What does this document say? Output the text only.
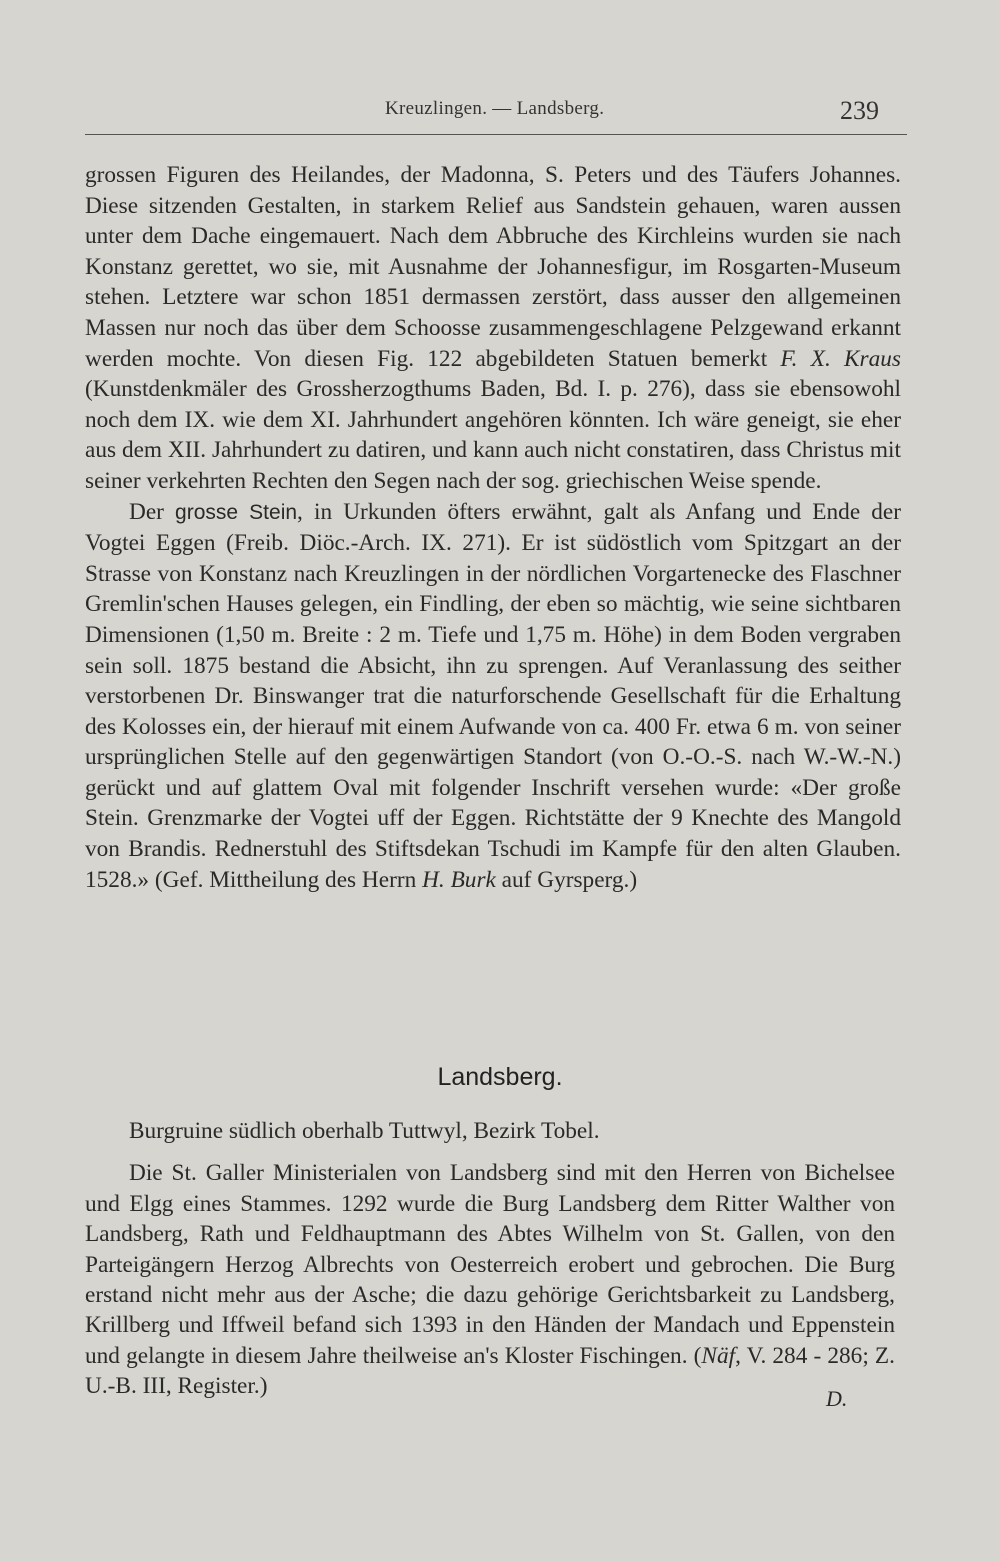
Kreuzlingen. — Landsberg.	239

grossen Figuren des Heilandes, der Madonna, S. Peters und des Täufers Johannes. Diese sitzenden Gestalten, in starkem Relief aus Sandstein gehauen, waren aussen unter dem Dache eingemauert. Nach dem Abbruche des Kirchleins wurden sie nach Konstanz gerettet, wo sie, mit Ausnahme der Johannesfigur, im Rosgarten-Museum stehen. Letztere war schon 1851 dermassen zerstört, dass ausser den allgemeinen Massen nur noch das über dem Schoosse zusammengeschlagene Pelzgewand erkannt werden mochte. Von diesen Fig. 122 abgebildeten Statuen bemerkt F. X. Kraus (Kunstdenkmäler des Grossherzogthums Baden, Bd. I. p. 276), dass sie ebensowohl noch dem IX. wie dem XI. Jahrhundert angehören könnten. Ich wäre geneigt, sie eher aus dem XII. Jahrhundert zu datiren, und kann auch nicht constatiren, dass Christus mit seiner verkehrten Rechten den Segen nach der sog. griechischen Weise spende.

Der grosse Stein, in Urkunden öfters erwähnt, galt als Anfang und Ende der Vogtei Eggen (Freib. Diöc.-Arch. IX. 271). Er ist südöstlich vom Spitzgart an der Strasse von Konstanz nach Kreuzlingen in der nördlichen Vorgartenecke des Flaschner Gremlin'schen Hauses gelegen, ein Findling, der eben so mächtig, wie seine sichtbaren Dimensionen (1,50 m. Breite : 2 m. Tiefe und 1,75 m. Höhe) in dem Boden vergraben sein soll. 1875 bestand die Absicht, ihn zu sprengen. Auf Veranlassung des seither verstorbenen Dr. Binswanger trat die naturforschende Gesellschaft für die Erhaltung des Kolosses ein, der hierauf mit einem Aufwande von ca. 400 Fr. etwa 6 m. von seiner ursprünglichen Stelle auf den gegenwärtigen Standort (von O.-O.-S. nach W.-W.-N.) gerückt und auf glattem Oval mit folgender Inschrift versehen wurde: «Der große Stein. Grenzmarke der Vogtei uff der Eggen. Richtstätte der 9 Knechte des Mangold von Brandis. Rednerstuhl des Stiftsdekan Tschudi im Kampfe für den alten Glauben. 1528.» (Gef. Mittheilung des Herrn H. Burk auf Gyrsperg.)

Landsberg.

Burgruine südlich oberhalb Tuttwyl, Bezirk Tobel.

Die St. Galler Ministerialen von Landsberg sind mit den Herren von Bichelsee und Elgg eines Stammes. 1292 wurde die Burg Landsberg dem Ritter Walther von Landsberg, Rath und Feldhauptmann des Abtes Wilhelm von St. Gallen, von den Parteigängern Herzog Albrechts von Oesterreich erobert und gebrochen. Die Burg erstand nicht mehr aus der Asche; die dazu gehörige Gerichtsbarkeit zu Landsberg, Krillberg und Iffweil befand sich 1393 in den Händen der Mandach und Eppenstein und gelangte in diesem Jahre theilweise an's Kloster Fischingen. (Näf, V. 284 - 286; Z. U.-B. III, Register.)	D.
